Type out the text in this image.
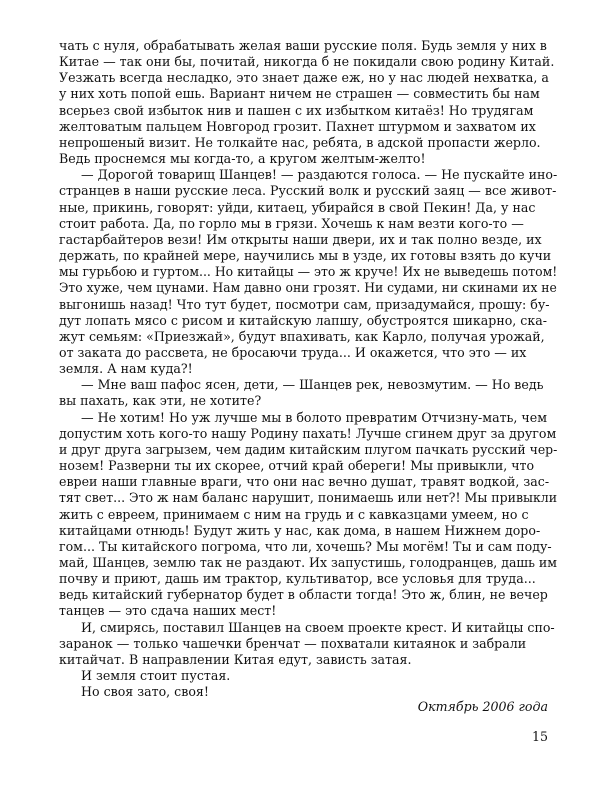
чать с нуля, обрабатывать желая ваши русские поля. Будь земля у них в
Китае — так они бы, почитай, никогда б не покидали свою родину Китай.
Уезжать всегда несладко, это знает даже еж, но у нас людей нехватка, а
у них хоть попой ешь. Вариант ничем не страшен — совместить бы нам
всерьез свой избыток нив и пашен с их избытком китаёз! Но трудягам
желтоватым пальцем Новгород грозит. Пахнет штурмом и захватом их
непрошеный визит. Не толкайте нас, ребята, в адской пропасти жерло.
Ведь проснемся мы когда-то, а кругом желтым-желто!
— Дорогой товарищ Шанцев! — раздаются голоса. — Не пускайте ино-
странцев в наши русские леса. Русский волк и русский заяц — все живот-
ные, прикинь, говорят: уйди, китаец, убирайся в свой Пекин! Да, у нас
стоит работа. Да, по горло мы в грязи. Хочешь к нам везти кого-то —
гастарбайтеров вези! Им открыты наши двери, их и так полно везде, их
держать, по крайней мере, научились мы в узде, их готовы взять до кучи
мы гурьбою и гуртом... Но китайцы — это ж круче! Их не выведешь потом!
Это хуже, чем цунами. Нам давно они грозят. Ни судами, ни скинами их не
выгонишь назад! Что тут будет, посмотри сам, призадумайся, прошу: бу-
дут лопать мясо с рисом и китайскую лапшу, обустроятся шикарно, ска-
жут семьям: «Приезжай», будут впахивать, как Карло, получая урожай,
от заката до рассвета, не бросаючи труда... И окажется, что это — их
земля. А нам куда?!
— Мне ваш пафос ясен, дети, — Шанцев рек, невозмутим. — Но ведь
вы пахать, как эти, не хотите?
— Не хотим! Но уж лучше мы в болото превратим Отчизну-мать, чем
допустим хоть кого-то нашу Родину пахать! Лучше сгинем друг за другом
и друг друга загрызем, чем дадим китайским плугом пачкать русский чер-
нозем! Разверни ты их скорее, отчий край обереги! Мы привыкли, что
евреи наши главные враги, что они нас вечно душат, травят водкой, зас-
тят свет... Это ж нам баланс нарушит, понимаешь или нет?! Мы привыкли
жить с евреем, принимаем с ним на грудь и с кавказцами умеем, но с
китайцами отнюдь! Будут жить у нас, как дома, в нашем Нижнем доро-
гом... Ты китайского погрома, что ли, хочешь? Мы могём! Ты и сам поду-
май, Шанцев, землю так не раздают. Их запустишь, голодранцев, дашь им
почву и приют, дашь им трактор, культиватор, все условья для труда...
ведь китайский губернатор будет в области тогда! Это ж, блин, не вечер
танцев — это сдача наших мест!
И, смирясь, поставил Шанцев на своем проекте крест. И китайцы спо-
заранок — только чашечки бренчат — похватали китаянок и забрали
китайчат. В направлении Китая едут, зависть затая.
И земля стоит пустая.
Но своя зато, своя!
Октябрь 2006 года
15
